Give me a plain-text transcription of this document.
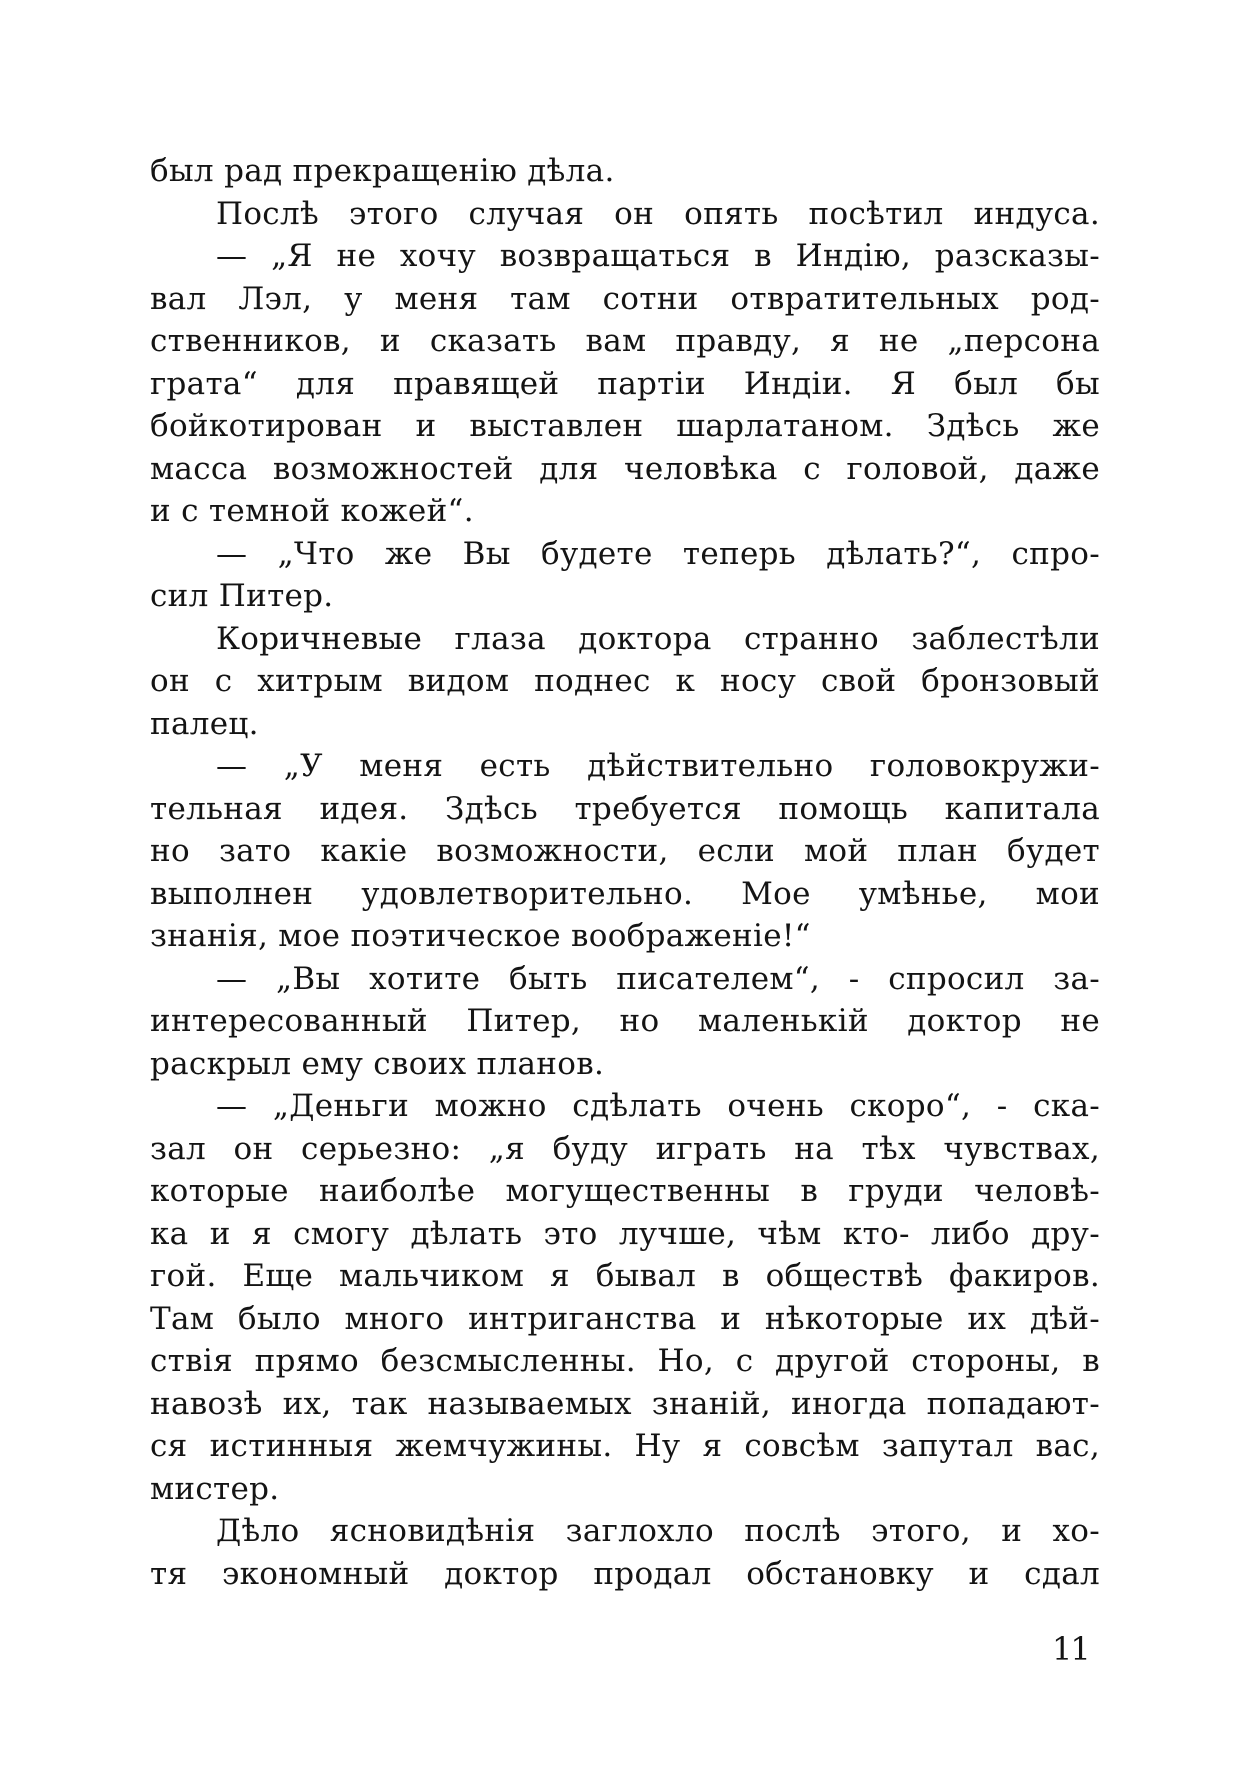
был рад прекращенію дѣла.
Послѣ этого случая он опять посѣтил индуса.
— „Я не хочу возвращаться в Индію, разсказы-
вал Лэл, у меня там сотни отвратительных род-
ственников, и сказать вам правду, я не „персона
грата“ для правящей партіи Индіи. Я был бы
бойкотирован и выставлен шарлатаном. Здѣсь же
масса возможностей для человѣка с головой, даже
и с темной кожей“.
— „Что же Вы будете теперь дѣлать?“, спро-
сил Питер.
Коричневые глаза доктора странно заблестѣли
он с хитрым видом поднес к носу свой бронзовый
палец.
— „У меня есть дѣйствительно головокружи-
тельная идея. Здѣсь требуется помощь капитала
но зато какіе возможности, если мой план будет
выполнен удовлетворительно. Мое умѣнье, мои
знанія, мое поэтическое воображеніе!“
— „Вы хотите быть писателем“, - спросил за-
интересованный Питер, но маленькій доктор не
раскрыл ему своих планов.
— „Деньги можно сдѣлать очень скоро“, - ска-
зал он серьезно: „я буду играть на тѣх чувствах,
которые наиболѣе могущественны в груди человѣ-
ка и я смогу дѣлать это лучше, чѣм кто- либо дру-
гой. Еще мальчиком я бывал в обществѣ факиров.
Там было много интриганства и нѣкоторые их дѣй-
ствія прямо безсмысленны. Но, с другой стороны, в
навозѣ их, так называемых знаній, иногда попадают-
ся истинныя жемчужины. Ну я совсѣм запутал вас,
мистер.
Дѣло ясновидѣнія заглохло послѣ этого, и хо-
тя экономный доктор продал обстановку и сдал
11
